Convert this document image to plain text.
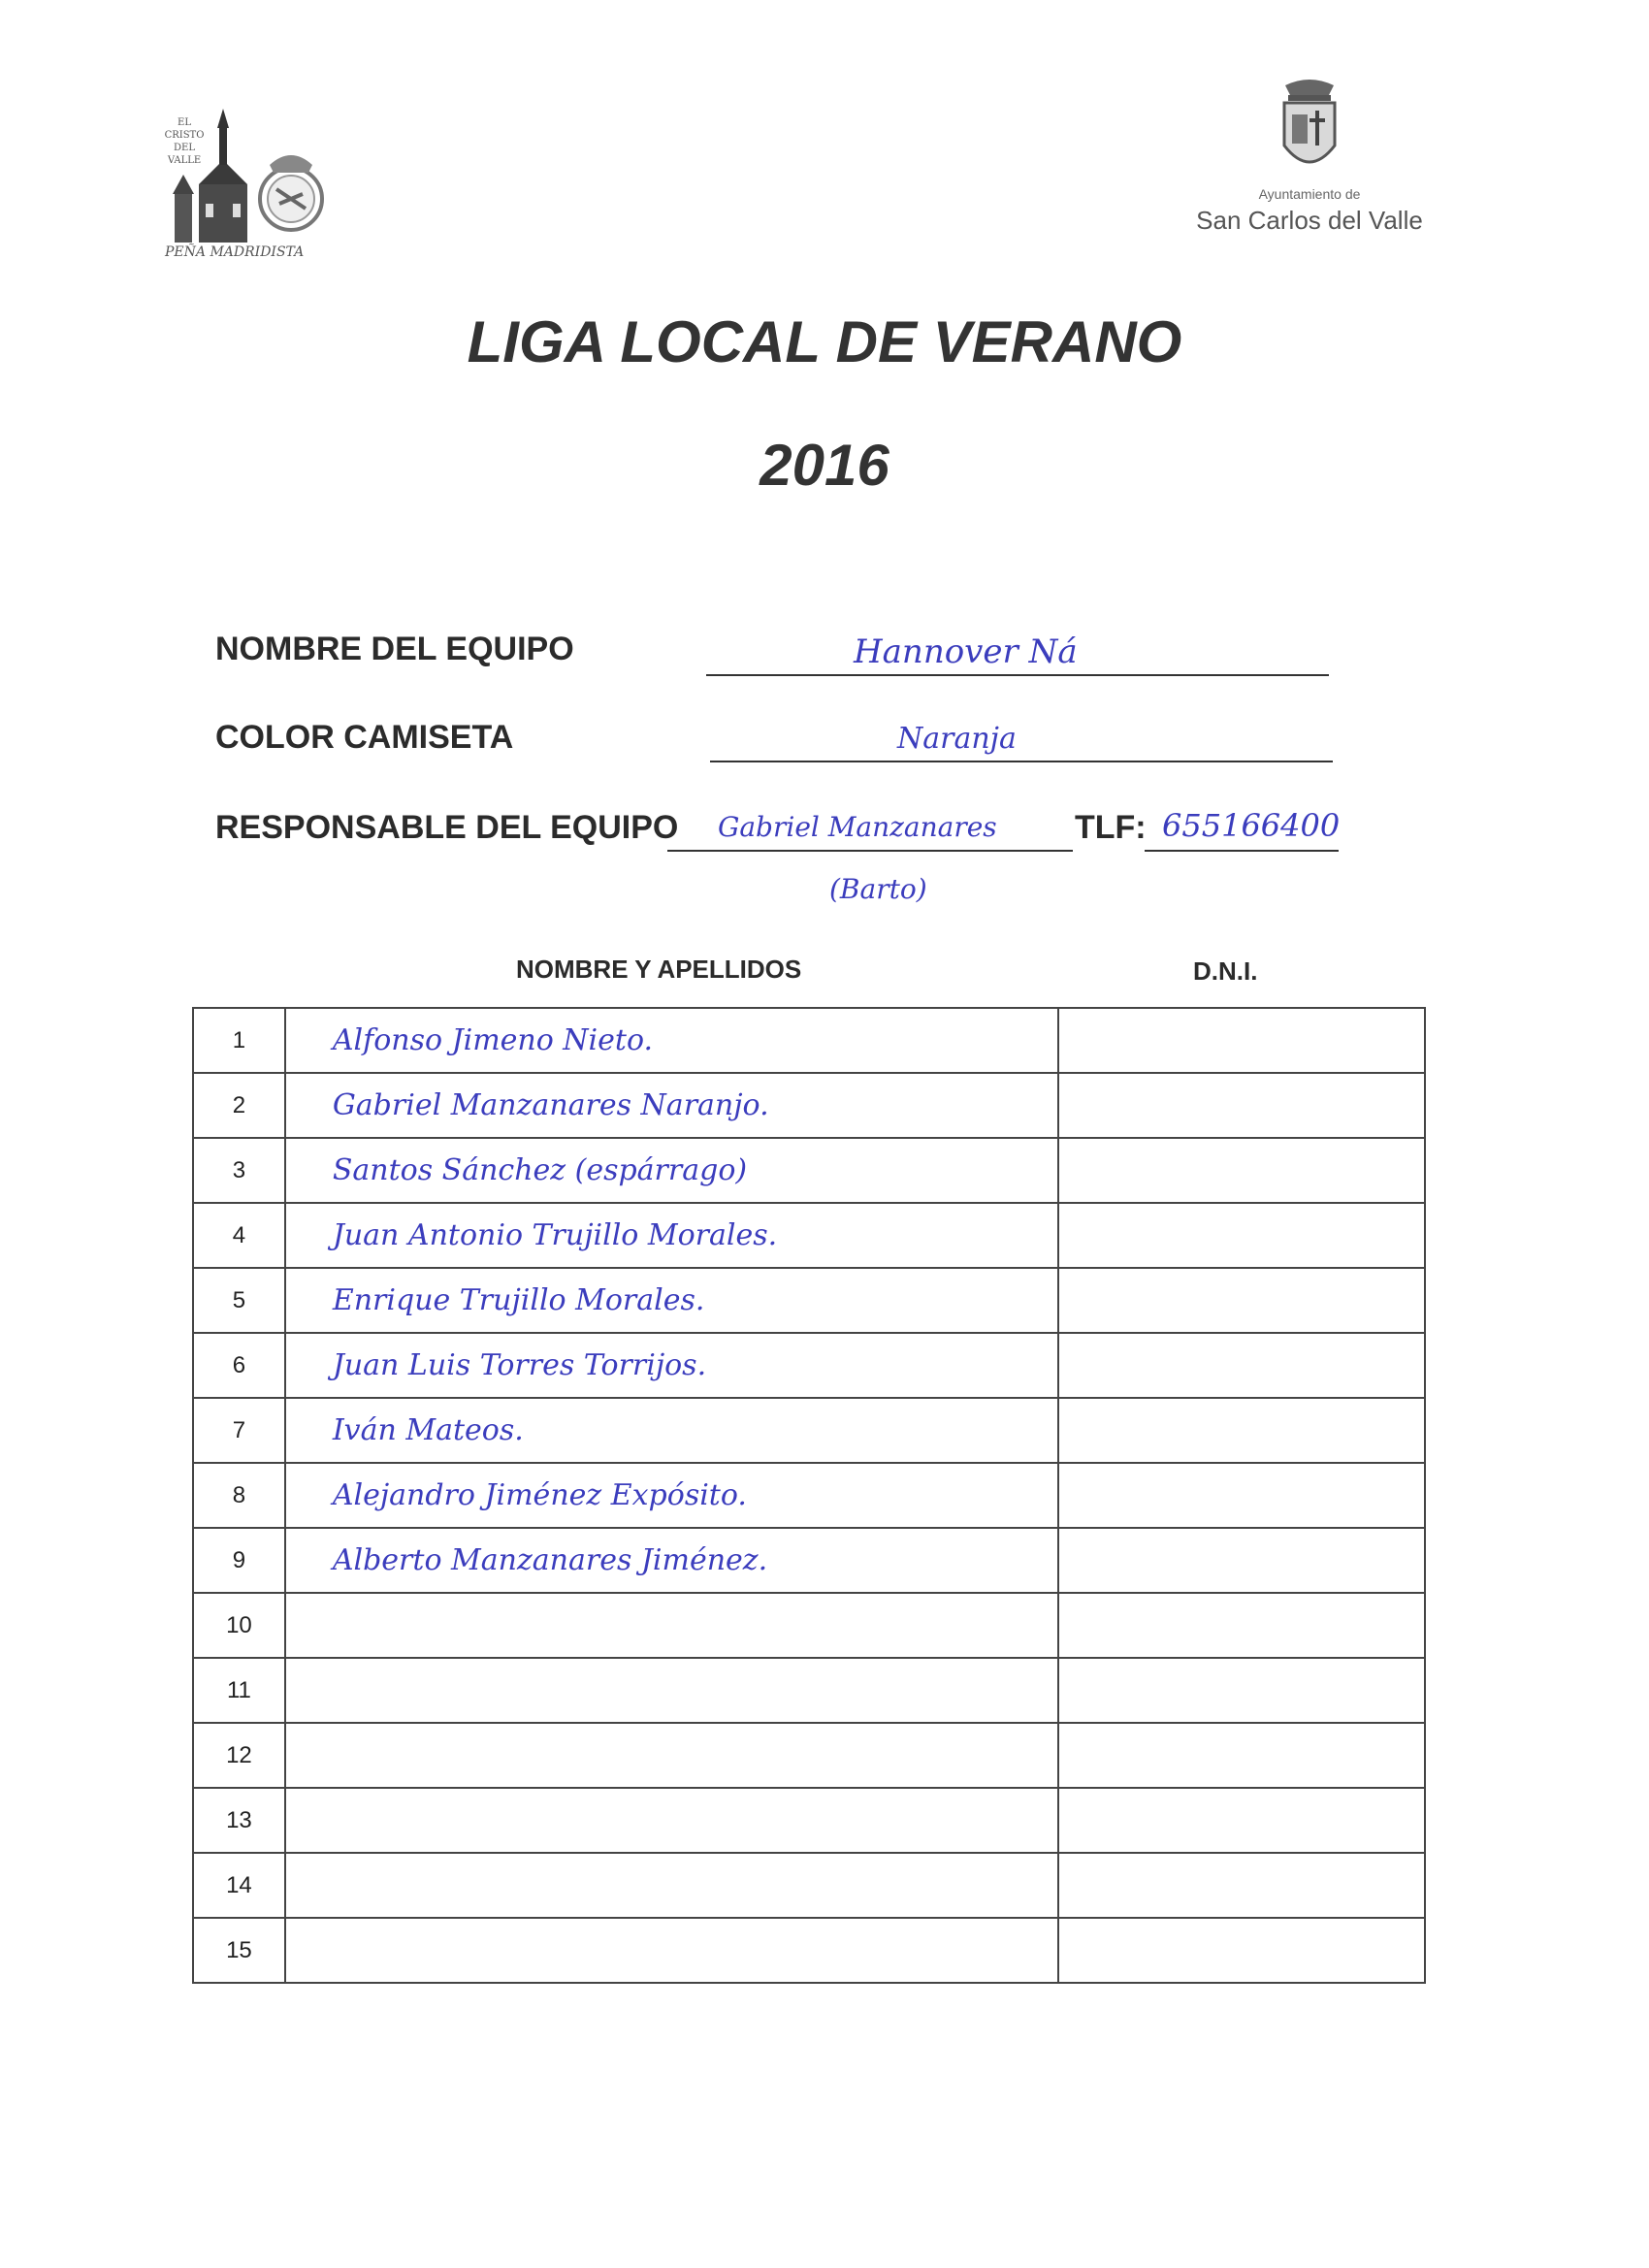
EL
CRISTO
DEL
VALLE
PEÑA MADRIDISTA
Ayuntamiento de
San Carlos del Valle
LIGA LOCAL DE VERANO
2016
NOMBRE DEL EQUIPO	Hannover Ná
COLOR CAMISETA	Naranja
RESPONSABLE DEL EQUIPO Gabriel Manzanares TLF: 655166400
(Barto)
NOMBRE Y APELLIDOS	D.N.I.
1	Alfonso Jimeno Nieto.	
2	Gabriel Manzanares Naranjo.	
3	Santos Sánchez (espárrago)	
4	Juan Antonio Trujillo Morales.	
5	Enrique Trujillo Morales.	
6	Juan Luis Torres Torrijos.	
7	Iván Mateos.	
8	Alejandro Jiménez Expósito.	
9	Alberto Manzanares Jiménez.	
10		
11		
12		
13		
14		
15		
